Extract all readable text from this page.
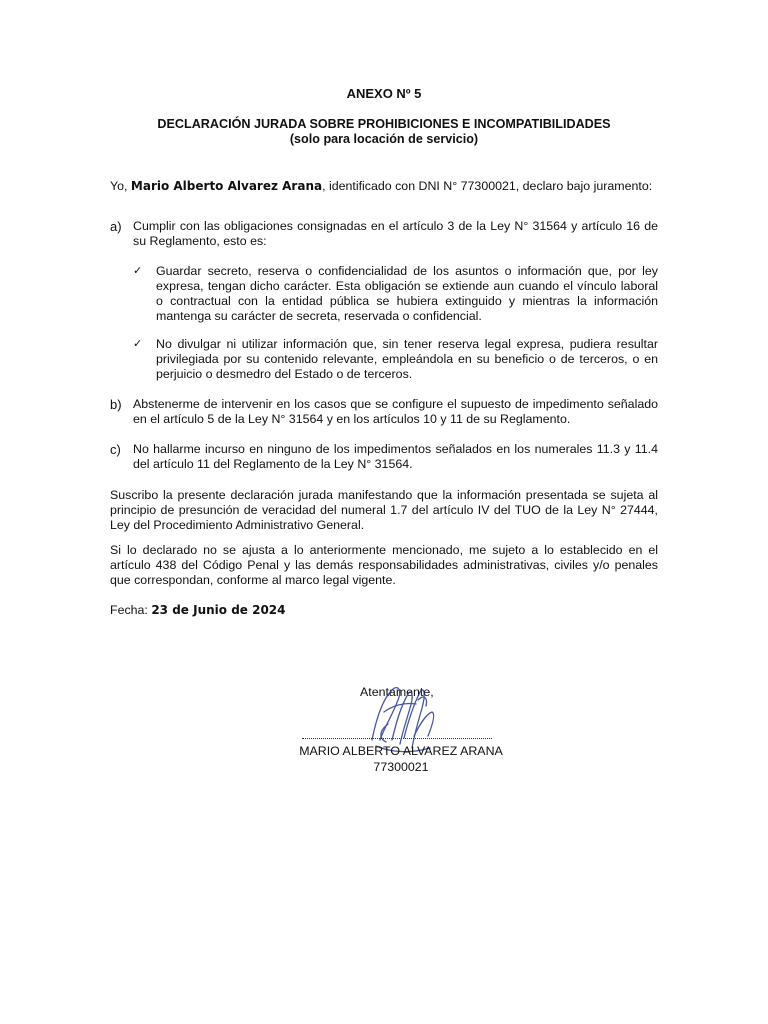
ANEXO Nº 5
DECLARACIÓN JURADA SOBRE PROHIBICIONES E INCOMPATIBILIDADES
(solo para locación de servicio)
Yo, Mario Alberto Alvarez Arana, identificado con DNI N° 77300021, declaro bajo juramento:
a) Cumplir con las obligaciones consignadas en el artículo 3 de la Ley N° 31564 y artículo 16 de su Reglamento, esto es:
✓ Guardar secreto, reserva o confidencialidad de los asuntos o información que, por ley expresa, tengan dicho carácter. Esta obligación se extiende aun cuando el vínculo laboral o contractual con la entidad pública se hubiera extinguido y mientras la información mantenga su carácter de secreta, reservada o confidencial.
✓ No divulgar ni utilizar información que, sin tener reserva legal expresa, pudiera resultar privilegiada por su contenido relevante, empleándola en su beneficio o de terceros, o en perjuicio o desmedro del Estado o de terceros.
b) Abstenerme de intervenir en los casos que se configure el supuesto de impedimento señalado en el artículo 5 de la Ley N° 31564 y en los artículos 10 y 11 de su Reglamento.
c) No hallarme incurso en ninguno de los impedimentos señalados en los numerales 11.3 y 11.4 del artículo 11 del Reglamento de la Ley N° 31564.
Suscribo la presente declaración jurada manifestando que la información presentada se sujeta al principio de presunción de veracidad del numeral 1.7 del artículo IV del TUO de la Ley N° 27444, Ley del Procedimiento Administrativo General.
Si lo declarado no se ajusta a lo anteriormente mencionado, me sujeto a lo establecido en el artículo 438 del Código Penal y las demás responsabilidades administrativas, civiles y/o penales que correspondan, conforme al marco legal vigente.
Fecha: 23 de Junio de 2024
Atentamente,
MARIO ALBERTO ALVAREZ ARANA
77300021
